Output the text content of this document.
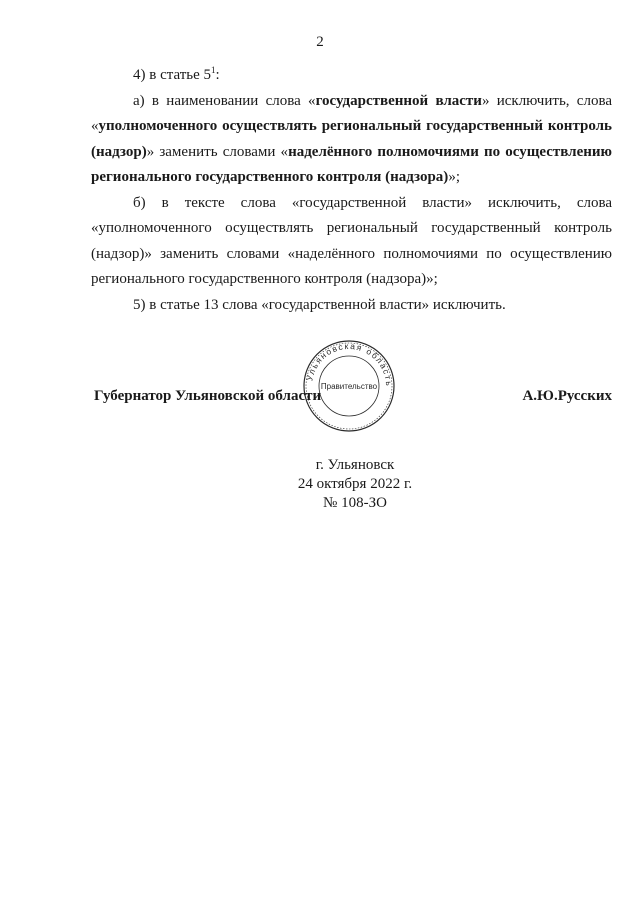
2

4) в статье $5^1$:

а) в наименовании слова «государственной власти» исключить, слова «уполномоченного осуществлять региональный государственный контроль (надзор)» заменить словами «наделённого полномочиями по осуществлению регионального государственного контроля (надзора)»;

б) в тексте слова «государственной власти» исключить, слова «уполномоченного осуществлять региональный государственный контроль (надзор)» заменить словами «наделённого полномочиями по осуществлению регионального государственного контроля (надзора)»;

5) в статье 13 слова «государственной власти» исключить.

Ульяновская область
Правительство
Губернатор Ульяновской области	А.Ю.Русских
г. Ульяновск
24 октября 2022 г.
№ 108-ЗО
